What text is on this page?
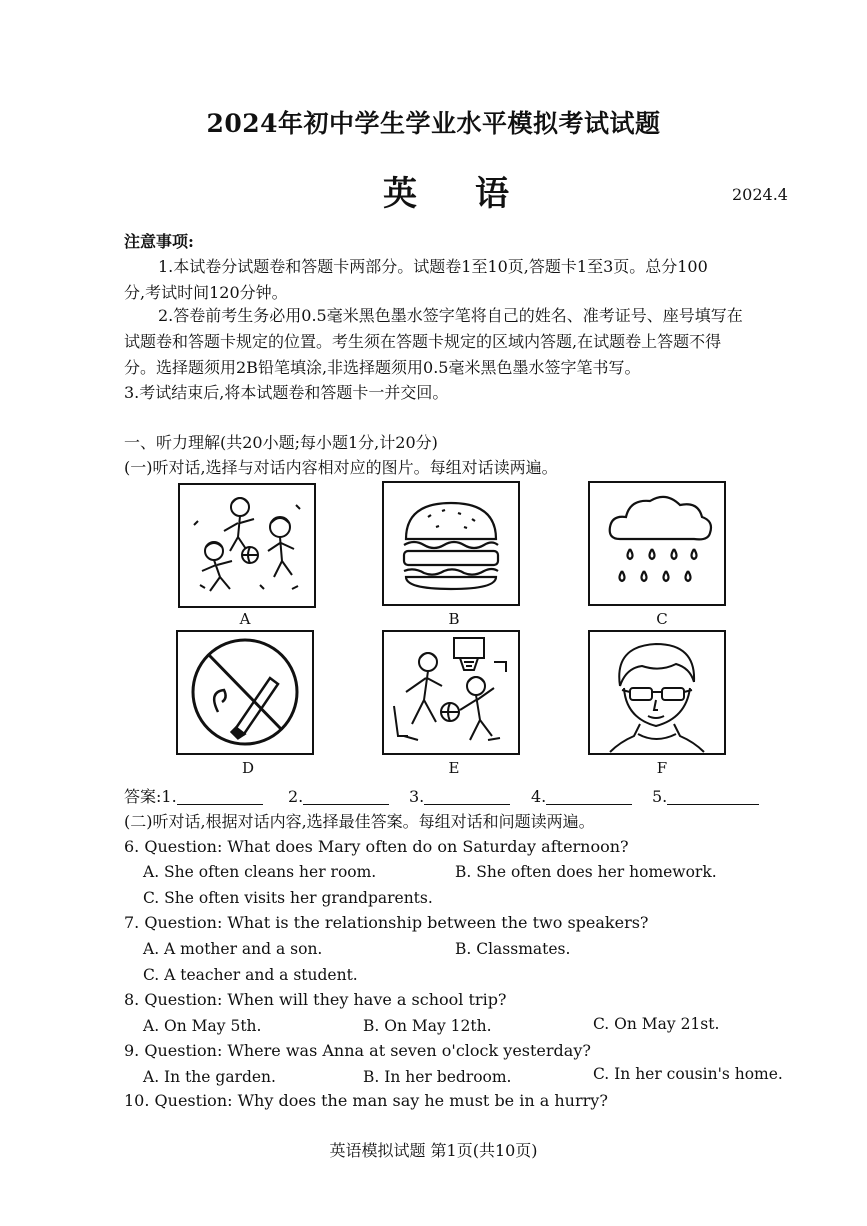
2024年初中学生学业水平模拟考试试题
英语	2024.4
注意事项:
1.本试卷分试题卷和答题卡两部分。试题卷1至10页,答题卡1至3页。总分100
分,考试时间120分钟。
2.答卷前考生务必用0.5毫米黑色墨水签字笔将自己的姓名、准考证号、座号填写在
试题卷和答题卡规定的位置。考生须在答题卡规定的区域内答题,在试题卷上答题不得
分。选择题须用2B铅笔填涂,非选择题须用0.5毫米黑色墨水签字笔书写。
3.考试结束后,将本试题卷和答题卡一并交回。
一、听力理解(共20小题;每小题1分,计20分)
(一)听对话,选择与对话内容相对应的图片。每组对话读两遍。
A	B	C
D	E	F
答案:1.	2.	3.	4.	5.
(二)听对话,根据对话内容,选择最佳答案。每组对话和问题读两遍。
6. Question: What does Mary often do on Saturday afternoon?
A. She often cleans her room.	B. She often does her homework.
C. She often visits her grandparents.
7. Question: What is the relationship between the two speakers?
A. A mother and a son.	B. Classmates.
C. A teacher and a student.
8. Question: When will they have a school trip?
A. On May 5th.	B. On May 12th.	C. On May 21st.
9. Question: Where was Anna at seven o'clock yesterday?
A. In the garden.	B. In her bedroom.	C. In her cousin's home.
10. Question: Why does the man say he must be in a hurry?
英语模拟试题 第1页(共10页)
